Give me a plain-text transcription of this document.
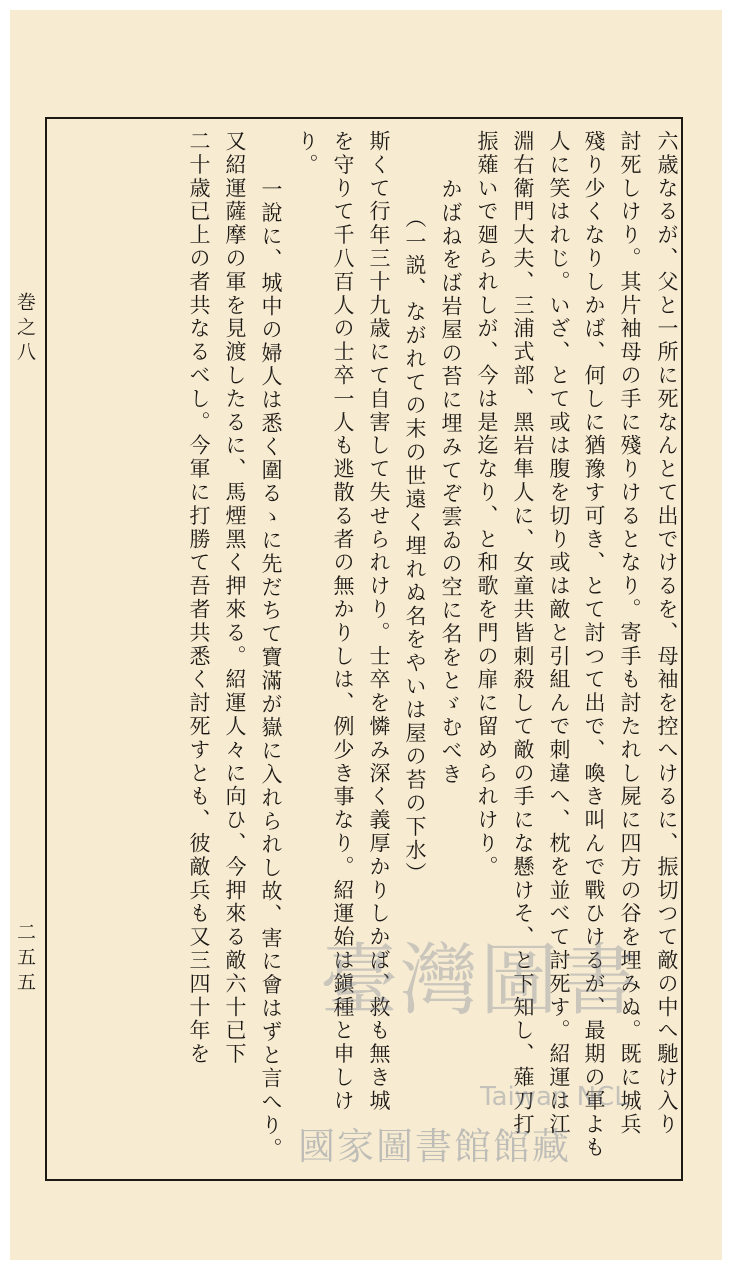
巻之八
二五五	六歳なるが、父と一所に死なんとて出でけるを、母袖を控へけるに、振切つて敵の中へ馳け入り
討死しけり。其片袖母の手に殘りけるとなり。寄手も討たれし屍に四方の谷を埋みぬ。既に城兵
殘り少くなりしかば、何しに猶豫す可き、とて討つて出で、喚き叫んで戰ひけるが、最期の軍よも
人に笑はれじ。いざ、とて或は腹を切り或は敵と引組んで刺違へ、枕を並べて討死す。紹運は江
淵右衛門大夫、三浦式部、黑岩隼人に、女童共皆刺殺して敵の手にな懸けそ、と下知し、薙刀打
振薙いで廻られしが、今は是迄なり、と和歌を門の扉に留められけり。
かばねをば岩屋の苔に埋みてぞ雲ゐの空に名をとゞむべき
（一説、ながれての末の世遠く埋れぬ名をやいは屋の苔の下水）
斯くて行年三十九歳にて自害して失せられけり。士卒を憐み深く義厚かりしかば、救も無き城
を守りて千八百人の士卒一人も逃散る者の無かりしは、例少き事なり。紹運始は鎭種と申しけ
り。
一說に、城中の婦人は悉く圍るゝに先だちて寶滿が嶽に入れられし故、害に會はずと言へり。
又紹運薩摩の軍を見渡したるに、馬煙黑く押來る。紹運人々に向ひ、今押來る敵六十已下
二十歳已上の者共なるべし。今軍に打勝て吾者共悉く討死すとも、彼敵兵も又三四十年を 臺灣圖書
Taiwan NCL
國家圖書館館藏
